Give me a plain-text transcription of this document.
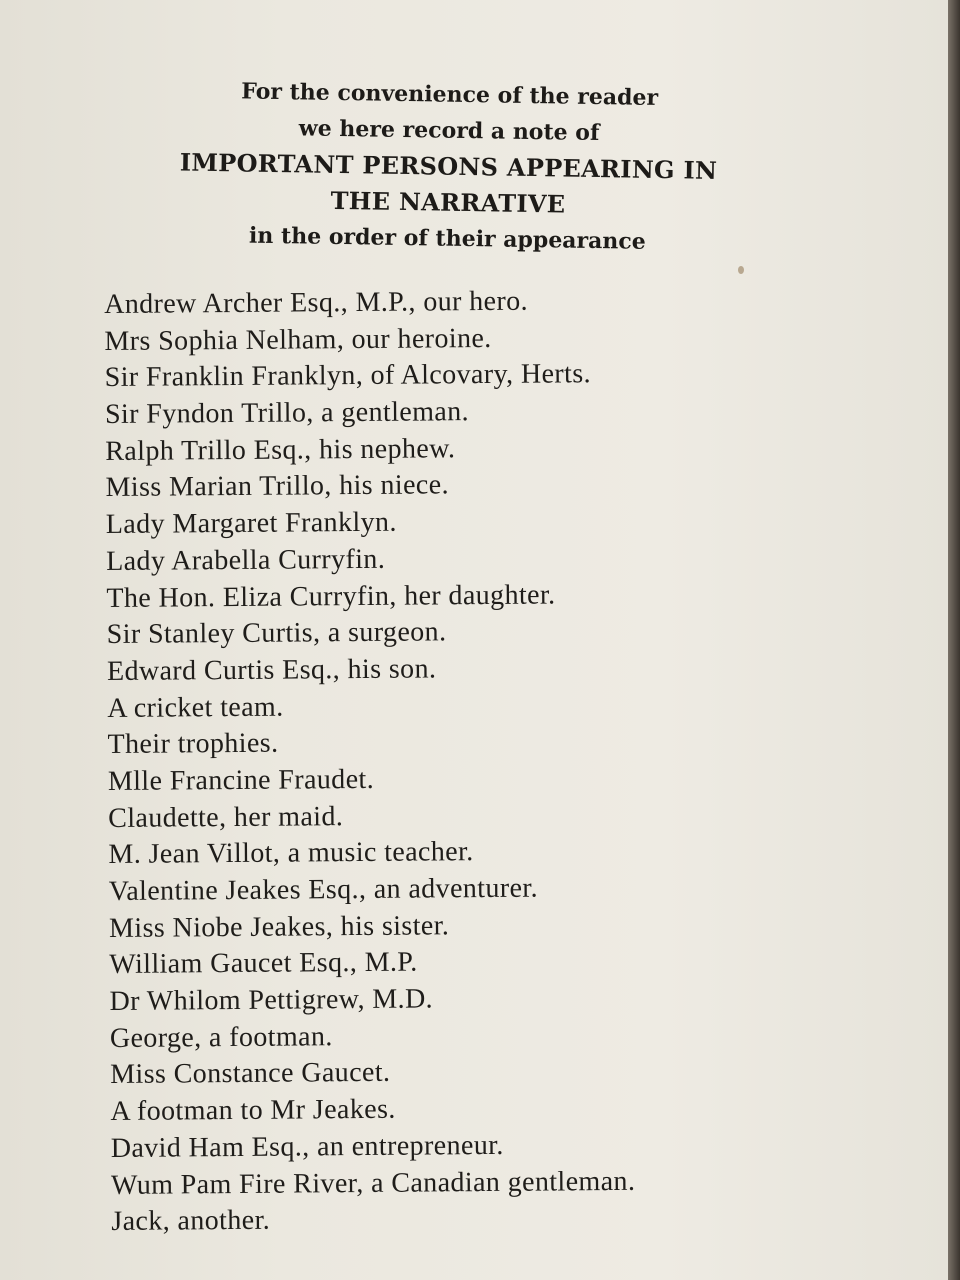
For the convenience of the reader
we here record a note of
IMPORTANT PERSONS APPEARING IN
THE NARRATIVE
in the order of their appearance
Andrew Archer Esq., M.P., our hero.
Mrs Sophia Nelham, our heroine.
Sir Franklin Franklyn, of Alcovary, Herts.
Sir Fyndon Trillo, a gentleman.
Ralph Trillo Esq., his nephew.
Miss Marian Trillo, his niece.
Lady Margaret Franklyn.
Lady Arabella Curryfin.
The Hon. Eliza Curryfin, her daughter.
Sir Stanley Curtis, a surgeon.
Edward Curtis Esq., his son.
A cricket team.
Their trophies.
Mlle Francine Fraudet.
Claudette, her maid.
M. Jean Villot, a music teacher.
Valentine Jeakes Esq., an adventurer.
Miss Niobe Jeakes, his sister.
William Gaucet Esq., M.P.
Dr Whilom Pettigrew, M.D.
George, a footman.
Miss Constance Gaucet.
A footman to Mr Jeakes.
David Ham Esq., an entrepreneur.
Wum Pam Fire River, a Canadian gentleman.
Jack, another.
